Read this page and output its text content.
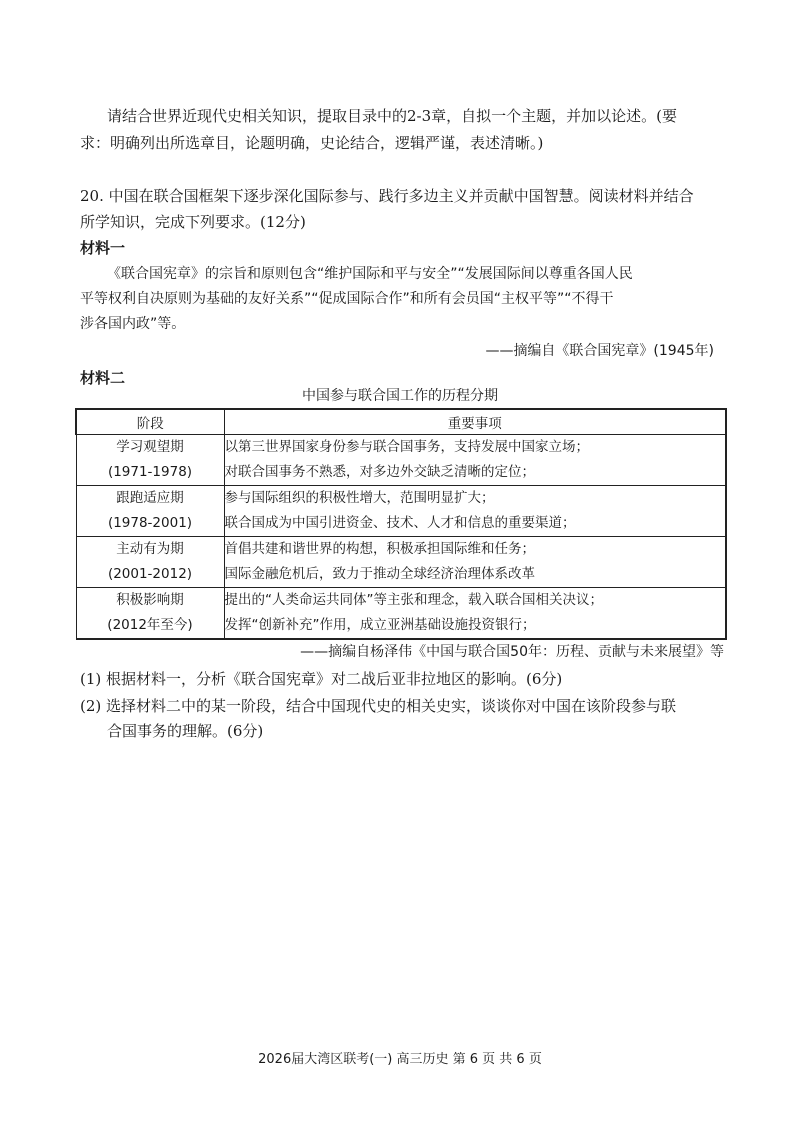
请结合世界近现代史相关知识，提取目录中的2-3章，自拟一个主题，并加以论述。(要
求：明确列出所选章目，论题明确，史论结合，逻辑严谨，表述清晰。)
20. 中国在联合国框架下逐步深化国际参与、践行多边主义并贡献中国智慧。阅读材料并结合
所学知识，完成下列要求。(12分)
材料一
《联合国宪章》的宗旨和原则包含“维护国际和平与安全”“发展国际间以尊重各国人民
平等权利自决原则为基础的友好关系”“促成国际合作”和所有会员国“主权平等”“不得干
涉各国内政”等。
——摘编自《联合国宪章》(1945年)
材料二
中国参与联合国工作的历程分期
阶段	重要事项

学习观望期
(1971-1978)	以第三世界国家身份参与联合国事务，支持发展中国家立场；
对联合国事务不熟悉，对多边外交缺乏清晰的定位；

跟跑适应期
(1978-2001)	参与国际组织的积极性增大，范围明显扩大；
联合国成为中国引进资金、技术、人才和信息的重要渠道；

主动有为期
(2001-2012)	首倡共建和谐世界的构想，积极承担国际维和任务；
国际金融危机后，致力于推动全球经济治理体系改革

积极影响期
(2012年至今)	提出的“人类命运共同体”等主张和理念，载入联合国相关决议；
发挥“创新补充”作用，成立亚洲基础设施投资银行；
——摘编自杨泽伟《中国与联合国50年：历程、贡献与未来展望》等
(1) 根据材料一，分析《联合国宪章》对二战后亚非拉地区的影响。(6分)
(2) 选择材料二中的某一阶段，结合中国现代史的相关史实，谈谈你对中国在该阶段参与联
合国事务的理解。(6分)
2026届大湾区联考(一) 高三历史 第 6 页 共 6 页
